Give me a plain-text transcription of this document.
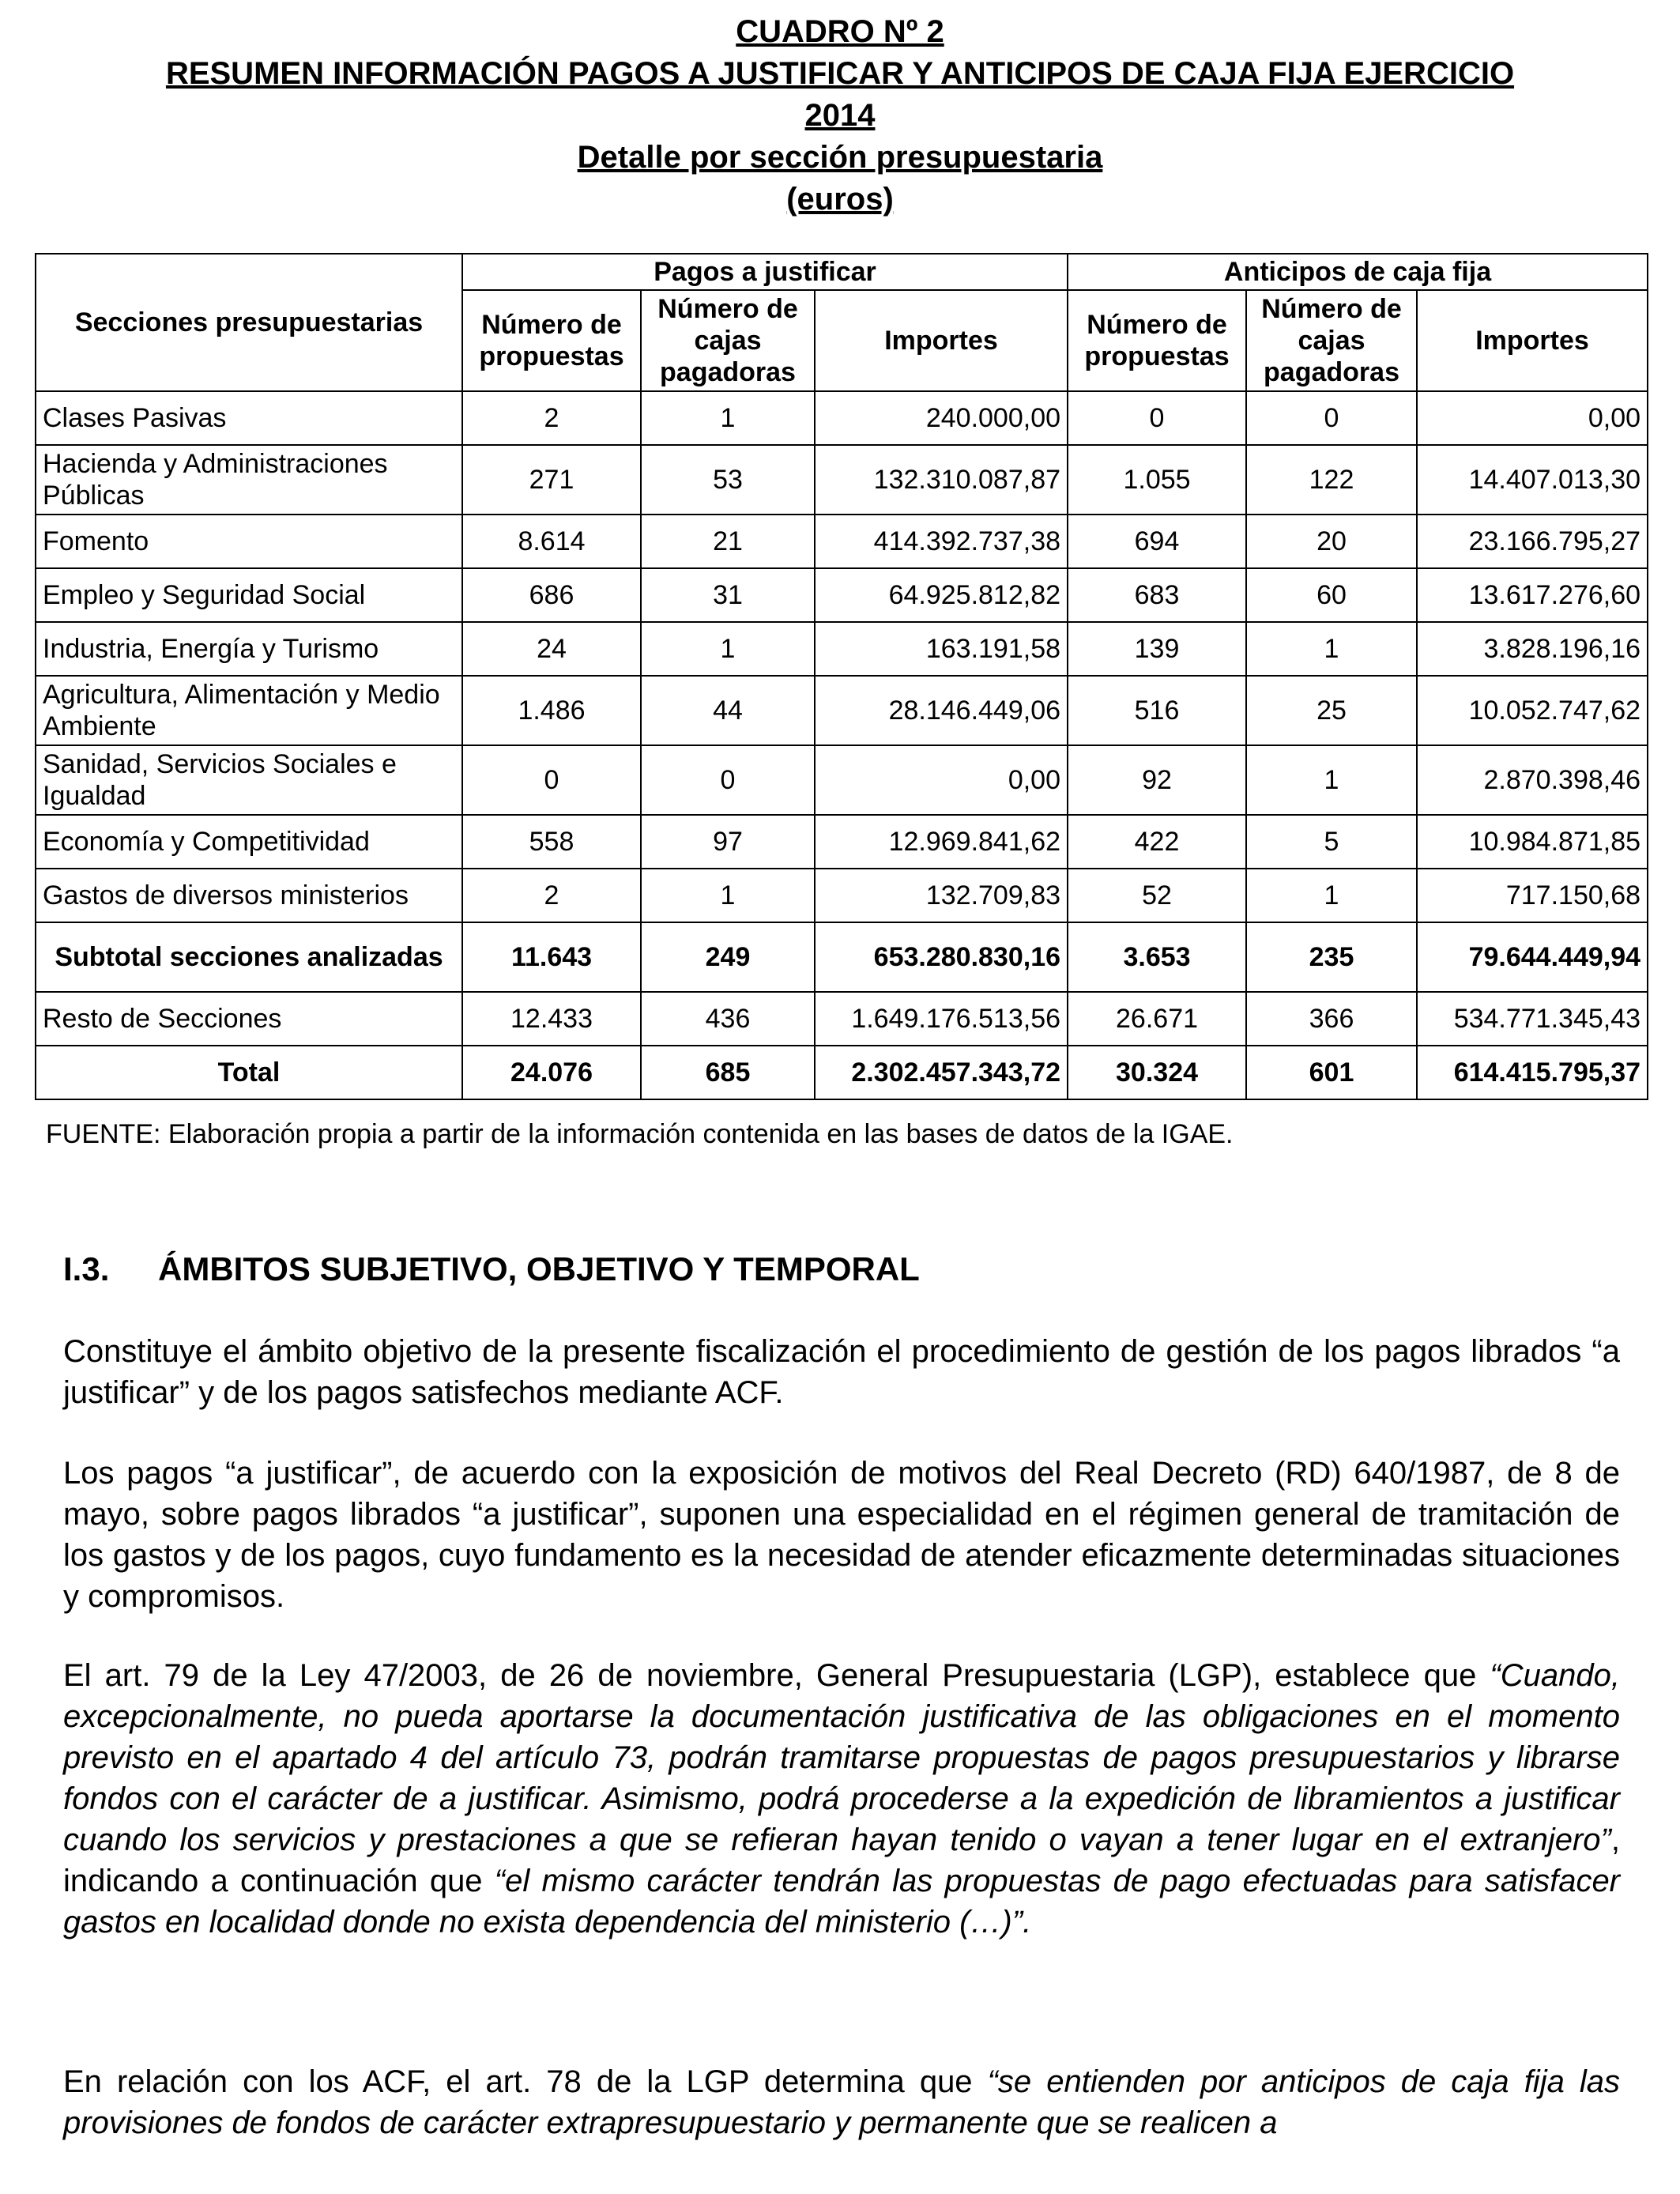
CUADRO Nº 2
RESUMEN INFORMACIÓN PAGOS A JUSTIFICAR Y ANTICIPOS DE CAJA FIJA EJERCICIO
2014
Detalle por sección presupuestaria
(euros)
Secciones presupuestarias	Pagos a justificar			Anticipos de caja fija		
	Número de propuestas	Número de cajas pagadoras	Importes	Número de propuestas	Número de cajas pagadoras	Importes
Clases Pasivas	2	1	240.000,00	0	0	0,00
Hacienda y Administraciones Públicas	271	53	132.310.087,87	1.055	122	14.407.013,30
Fomento	8.614	21	414.392.737,38	694	20	23.166.795,27
Empleo y Seguridad Social	686	31	64.925.812,82	683	60	13.617.276,60
Industria, Energía y Turismo	24	1	163.191,58	139	1	3.828.196,16
Agricultura, Alimentación y Medio Ambiente	1.486	44	28.146.449,06	516	25	10.052.747,62
Sanidad, Servicios Sociales e Igualdad	0	0	0,00	92	1	2.870.398,46
Economía y Competitividad	558	97	12.969.841,62	422	5	10.984.871,85
Gastos de diversos ministerios	2	1	132.709,83	52	1	717.150,68
Subtotal secciones analizadas	11.643	249	653.280.830,16	3.653	235	79.644.449,94
Resto de Secciones	12.433	436	1.649.176.513,56	26.671	366	534.771.345,43
Total	24.076	685	2.302.457.343,72	30.324	601	614.415.795,37
FUENTE: Elaboración propia a partir de la información contenida en las bases de datos de la IGAE.
I.3. ÁMBITOS SUBJETIVO, OBJETIVO Y TEMPORAL
Constituye el ámbito objetivo de la presente fiscalización el procedimiento de gestión de los pagos librados “a justificar” y de los pagos satisfechos mediante ACF.
Los pagos “a justificar”, de acuerdo con la exposición de motivos del Real Decreto (RD) 640/1987, de 8 de mayo, sobre pagos librados “a justificar”, suponen una especialidad en el régimen general de tramitación de los gastos y de los pagos, cuyo fundamento es la necesidad de atender eficazmente determinadas situaciones y compromisos.
El art. 79 de la Ley 47/2003, de 26 de noviembre, General Presupuestaria (LGP), establece que “Cuando, excepcionalmente, no pueda aportarse la documentación justificativa de las obligaciones en el momento previsto en el apartado 4 del artículo 73, podrán tramitarse propuestas de pagos presupuestarios y librarse fondos con el carácter de a justificar. Asimismo, podrá procederse a la expedición de libramientos a justificar cuando los servicios y prestaciones a que se refieran hayan tenido o vayan a tener lugar en el extranjero”, indicando a continuación que “el mismo carácter tendrán las propuestas de pago efectuadas para satisfacer gastos en localidad donde no exista dependencia del ministerio (…)”.
En relación con los ACF, el art. 78 de la LGP determina que “se entienden por anticipos de caja fija las provisiones de fondos de carácter extrapresupuestario y permanente que se realicen a
